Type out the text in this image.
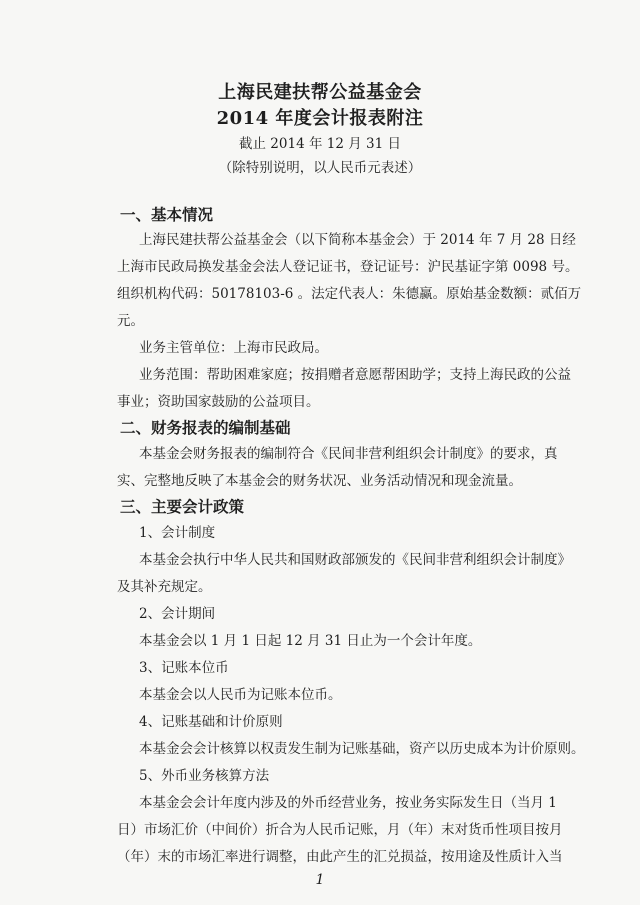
上海民建扶帮公益基金会
2014 年度会计报表附注
截止 2014 年 12 月 31 日
（除特别说明，以人民币元表述）
一、基本情况
上海民建扶帮公益基金会（以下简称本基金会）于 2014 年 7 月 28 日经
上海市民政局换发基金会法人登记证书，登记证号：沪民基证字第 0098 号。
组织机构代码：50178103-6 。法定代表人：朱德赢。原始基金数额：贰佰万
元。
业务主管单位：上海市民政局。
业务范围：帮助困难家庭；按捐赠者意愿帮困助学；支持上海民政的公益
事业；资助国家鼓励的公益项目。
二、财务报表的编制基础
本基金会财务报表的编制符合《民间非营利组织会计制度》的要求，真
实、完整地反映了本基金会的财务状况、业务活动情况和现金流量。
三、主要会计政策
1、会计制度
本基金会执行中华人民共和国财政部颁发的《民间非营利组织会计制度》
及其补充规定。
2、会计期间
本基金会以 1 月 1 日起 12 月 31 日止为一个会计年度。
3、记账本位币
本基金会以人民币为记账本位币。
4、记账基础和计价原则
本基金会会计核算以权责发生制为记账基础，资产以历史成本为计价原则。
5、外币业务核算方法
本基金会会计年度内涉及的外币经营业务，按业务实际发生日（当月 1
日）市场汇价（中间价）折合为人民币记账，月（年）末对货币性项目按月
（年）末的市场汇率进行调整，由此产生的汇兑损益，按用途及性质计入当
1
